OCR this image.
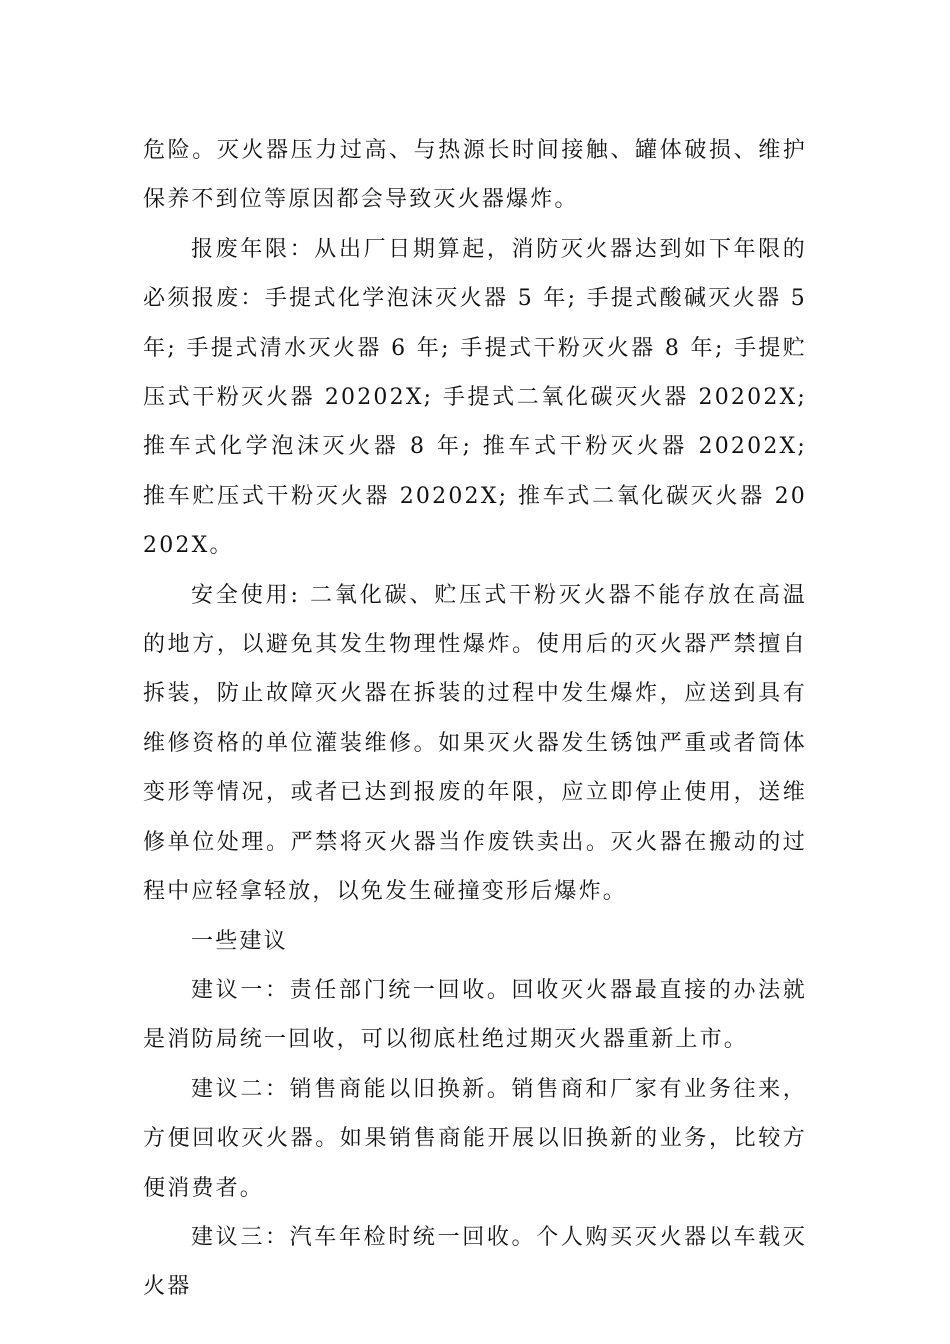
危险。灭火器压力过高、与热源长时间接触、罐体破损、维护保养不到位等原因都会导致灭火器爆炸。

报废年限：从出厂日期算起，消防灭火器达到如下年限的必须报废：手提式化学泡沫灭火器 5 年; 手提式酸碱灭火器 5 年; 手提式清水灭火器 6 年; 手提式干粉灭火器 8 年; 手提贮压式干粉灭火器 20202X; 手提式二氧化碳灭火器 20202X; 推车式化学泡沫灭火器 8 年; 推车式干粉灭火器 20202X; 推车贮压式干粉灭火器 20202X; 推车式二氧化碳灭火器 20202X。

安全使用: 二氧化碳、贮压式干粉灭火器不能存放在高温的地方，以避免其发生物理性爆炸。使用后的灭火器严禁擅自拆装，防止故障灭火器在拆装的过程中发生爆炸，应送到具有维修资格的单位灌装维修。如果灭火器发生锈蚀严重或者筒体变形等情况，或者已达到报废的年限，应立即停止使用，送维修单位处理。严禁将灭火器当作废铁卖出。灭火器在搬动的过程中应轻拿轻放，以免发生碰撞变形后爆炸。

一些建议

建议一：责任部门统一回收。回收灭火器最直接的办法就是消防局统一回收，可以彻底杜绝过期灭火器重新上市。

建议二：销售商能以旧换新。销售商和厂家有业务往来，方便回收灭火器。如果销售商能开展以旧换新的业务，比较方便消费者。

建议三：汽车年检时统一回收。个人购买灭火器以车载灭火器
